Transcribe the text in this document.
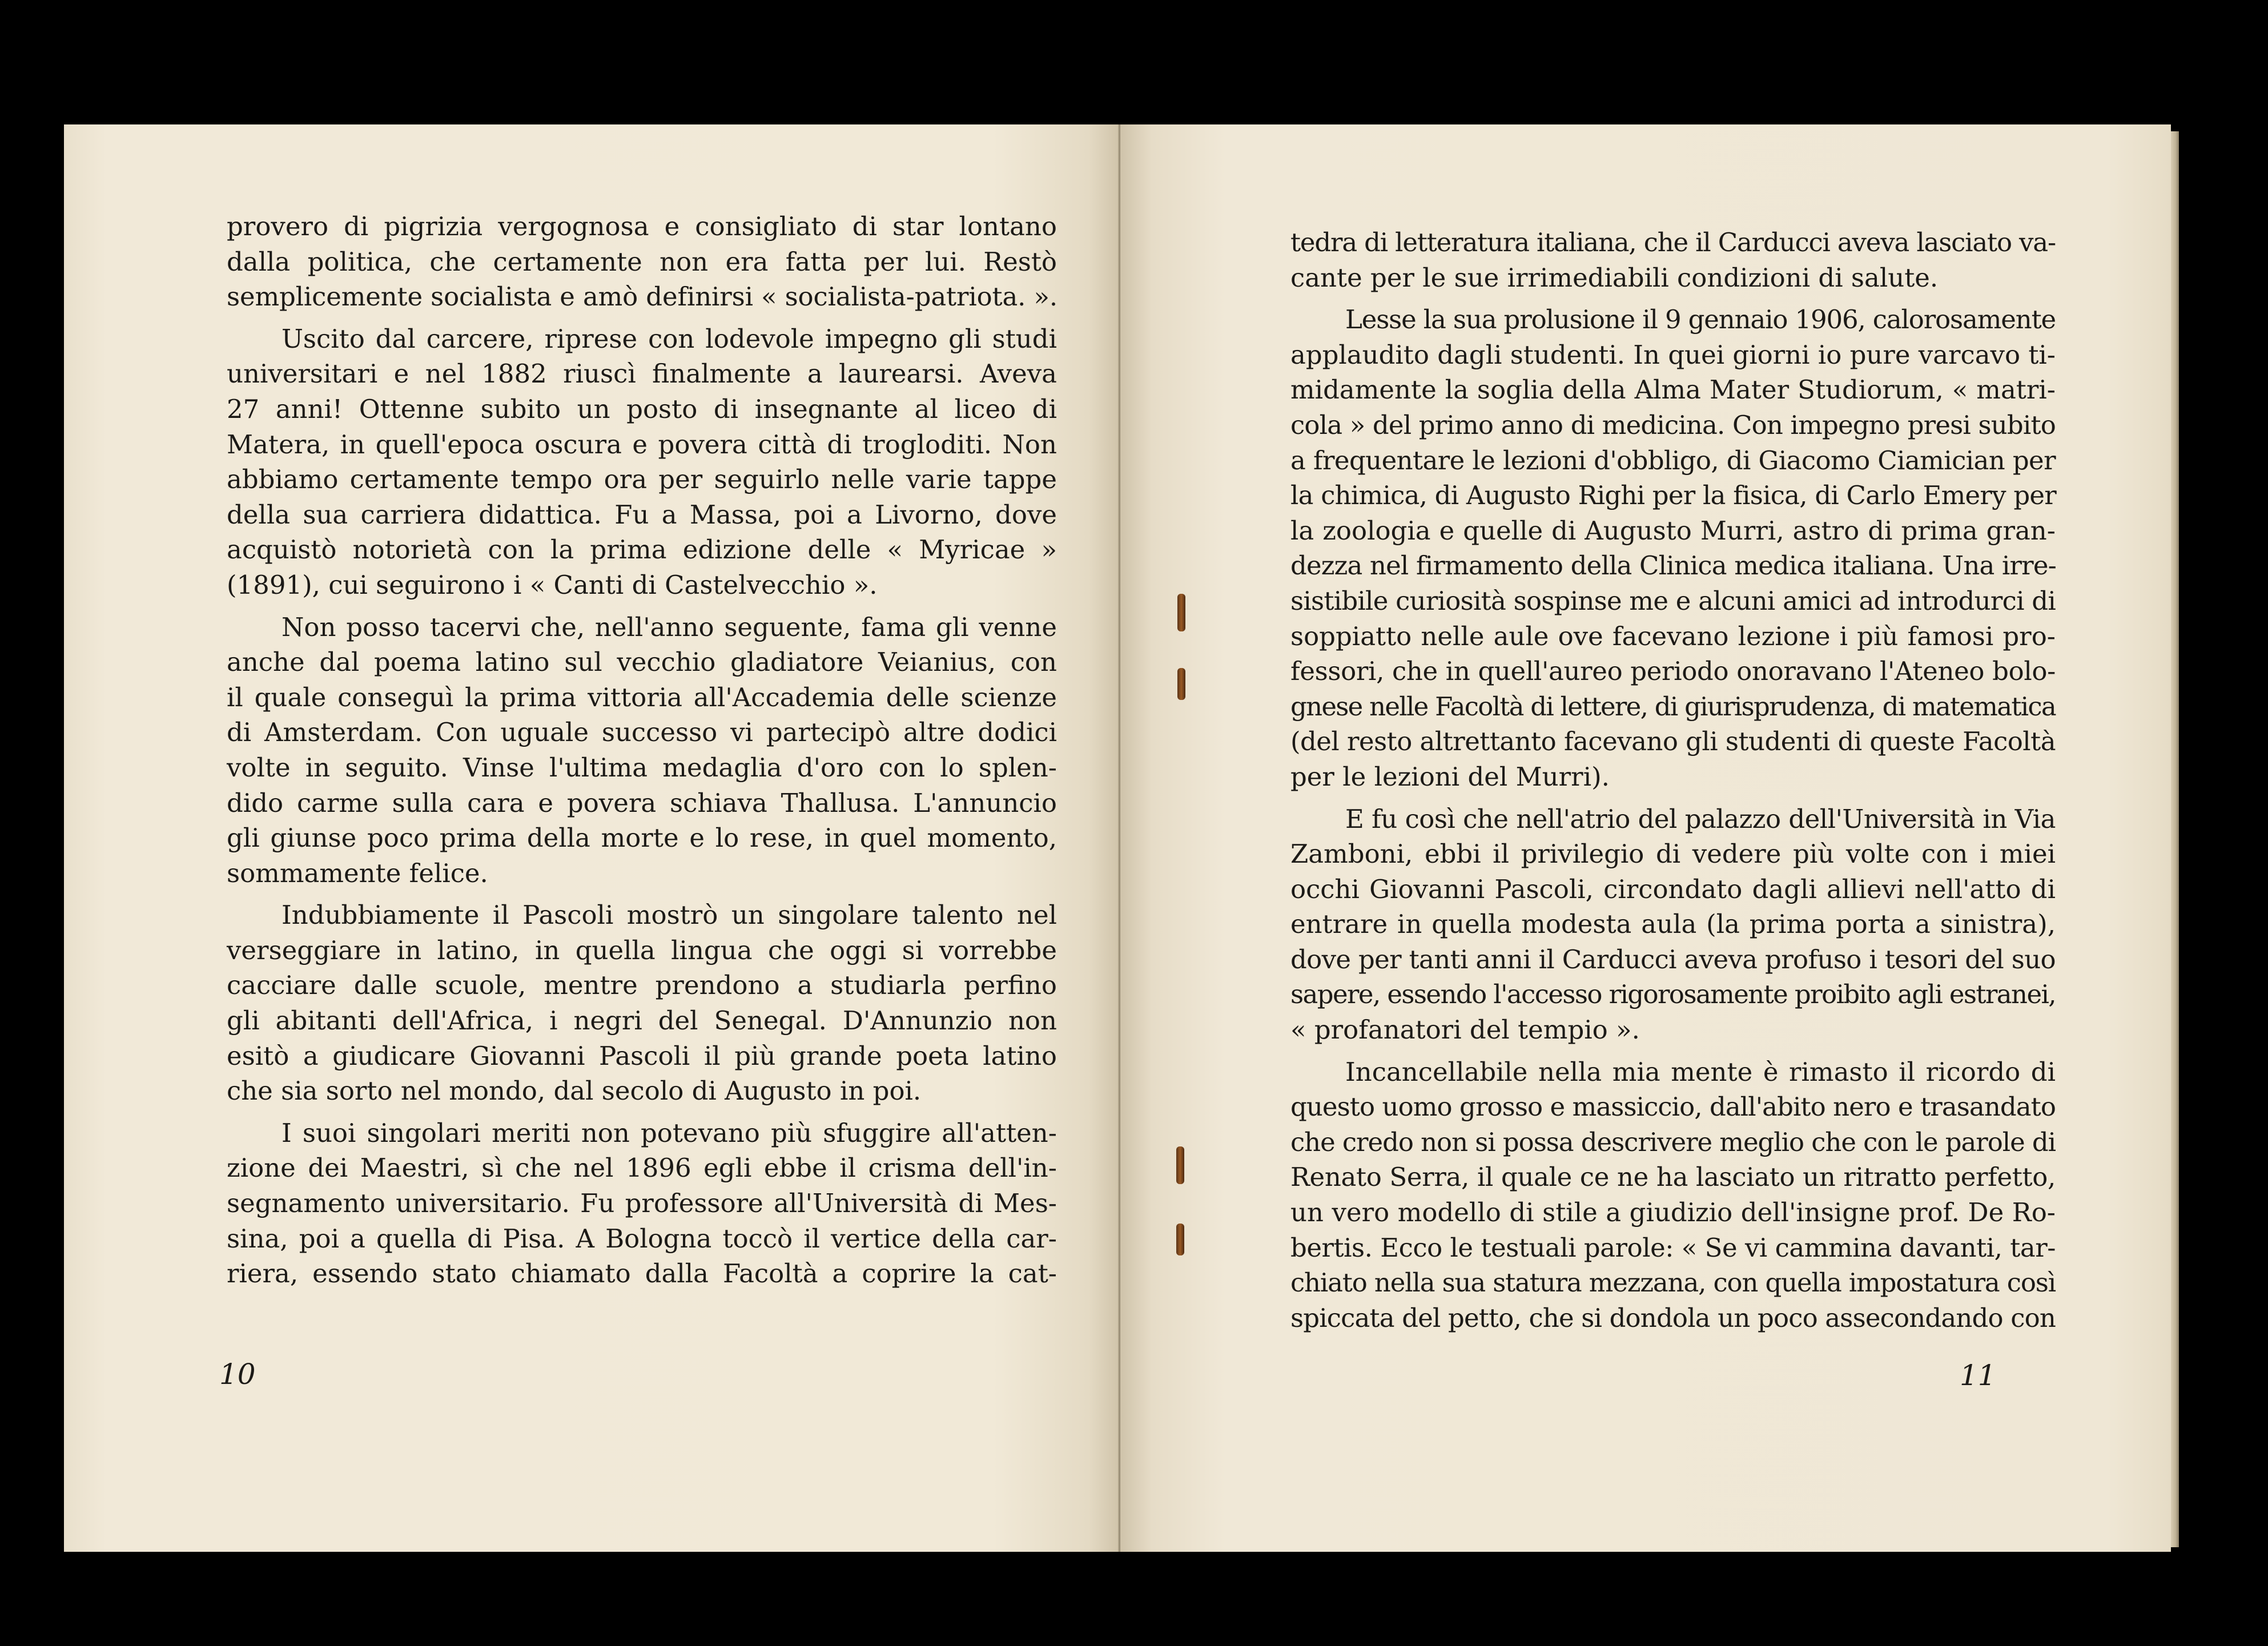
provero di pigrizia vergognosa e consigliato di star lontano
dalla politica, che certamente non era fatta per lui. Restò
semplicemente socialista e amò definirsi « socialista-patriota. ».
Uscito dal carcere, riprese con lodevole impegno gli studi
universitari e nel 1882 riuscì finalmente a laurearsi. Aveva
27 anni! Ottenne subito un posto di insegnante al liceo di
Matera, in quell'epoca oscura e povera città di trogloditi. Non
abbiamo certamente tempo ora per seguirlo nelle varie tappe
della sua carriera didattica. Fu a Massa, poi a Livorno, dove
acquistò notorietà con la prima edizione delle « Myricae »
(1891), cui seguirono i « Canti di Castelvecchio ».
Non posso tacervi che, nell'anno seguente, fama gli venne
anche dal poema latino sul vecchio gladiatore Veianius, con
il quale conseguì la prima vittoria all'Accademia delle scienze
di Amsterdam. Con uguale successo vi partecipò altre dodici
volte in seguito. Vinse l'ultima medaglia d'oro con lo splen-
dido carme sulla cara e povera schiava Thallusa. L'annuncio
gli giunse poco prima della morte e lo rese, in quel momento,
sommamente felice.
Indubbiamente il Pascoli mostrò un singolare talento nel
verseggiare in latino, in quella lingua che oggi si vorrebbe
cacciare dalle scuole, mentre prendono a studiarla perfino
gli abitanti dell'Africa, i negri del Senegal. D'Annunzio non
esitò a giudicare Giovanni Pascoli il più grande poeta latino
che sia sorto nel mondo, dal secolo di Augusto in poi.
I suoi singolari meriti non potevano più sfuggire all'atten-
zione dei Maestri, sì che nel 1896 egli ebbe il crisma dell'in-
segnamento universitario. Fu professore all'Università di Mes-
sina, poi a quella di Pisa. A Bologna toccò il vertice della car-
riera, essendo stato chiamato dalla Facoltà a coprire la cat-
10
tedra di letteratura italiana, che il Carducci aveva lasciato va-
cante per le sue irrimediabili condizioni di salute.
Lesse la sua prolusione il 9 gennaio 1906, calorosamente
applaudito dagli studenti. In quei giorni io pure varcavo ti-
midamente la soglia della Alma Mater Studiorum, « matri-
cola » del primo anno di medicina. Con impegno presi subito
a frequentare le lezioni d'obbligo, di Giacomo Ciamician per
la chimica, di Augusto Righi per la fisica, di Carlo Emery per
la zoologia e quelle di Augusto Murri, astro di prima gran-
dezza nel firmamento della Clinica medica italiana. Una irre-
sistibile curiosità sospinse me e alcuni amici ad introdurci di
soppiatto nelle aule ove facevano lezione i più famosi pro-
fessori, che in quell'aureo periodo onoravano l'Ateneo bolo-
gnese nelle Facoltà di lettere, di giurisprudenza, di matematica
(del resto altrettanto facevano gli studenti di queste Facoltà
per le lezioni del Murri).
E fu così che nell'atrio del palazzo dell'Università in Via
Zamboni, ebbi il privilegio di vedere più volte con i miei
occhi Giovanni Pascoli, circondato dagli allievi nell'atto di
entrare in quella modesta aula (la prima porta a sinistra),
dove per tanti anni il Carducci aveva profuso i tesori del suo
sapere, essendo l'accesso rigorosamente proibito agli estranei,
« profanatori del tempio ».
Incancellabile nella mia mente è rimasto il ricordo di
questo uomo grosso e massiccio, dall'abito nero e trasandato
che credo non si possa descrivere meglio che con le parole di
Renato Serra, il quale ce ne ha lasciato un ritratto perfetto,
un vero modello di stile a giudizio dell'insigne prof. De Ro-
bertis. Ecco le testuali parole: « Se vi cammina davanti, tar-
chiato nella sua statura mezzana, con quella impostatura così
spiccata del petto, che si dondola un poco assecondando con
11
